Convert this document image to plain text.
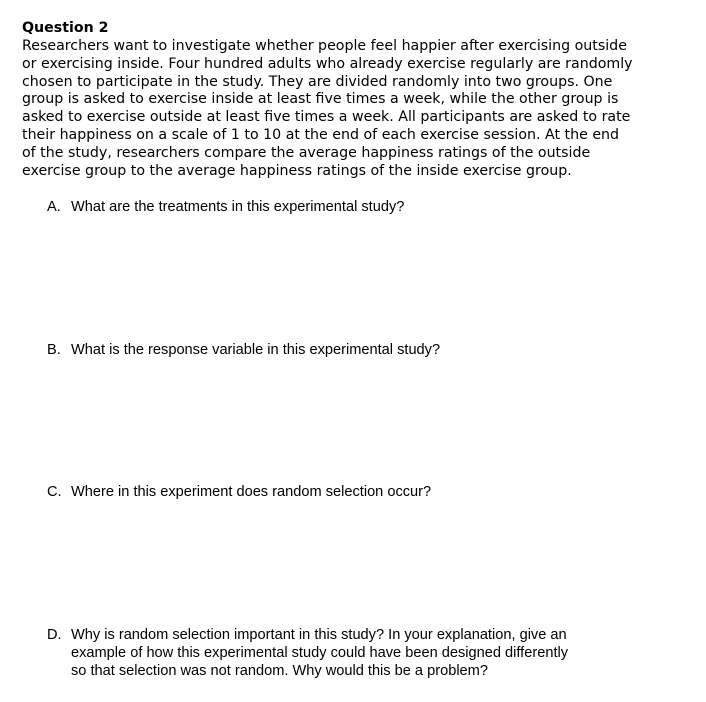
Question 2

Researchers want to investigate whether people feel happier after exercising outside
or exercising inside. Four hundred adults who already exercise regularly are randomly
chosen to participate in the study. They are divided randomly into two groups. One
group is asked to exercise inside at least five times a week, while the other group is
asked to exercise outside at least five times a week. All participants are asked to rate
their happiness on a scale of 1 to 10 at the end of each exercise session. At the end
of the study, researchers compare the average happiness ratings of the outside
exercise group to the average happiness ratings of the inside exercise group.

A. What are the treatments in this experimental study?
B. What is the response variable in this experimental study?
C. Where in this experiment does random selection occur?
D. Why is random selection important in this study? In your explanation, give an
example of how this experimental study could have been designed differently
so that selection was not random. Why would this be a problem?
